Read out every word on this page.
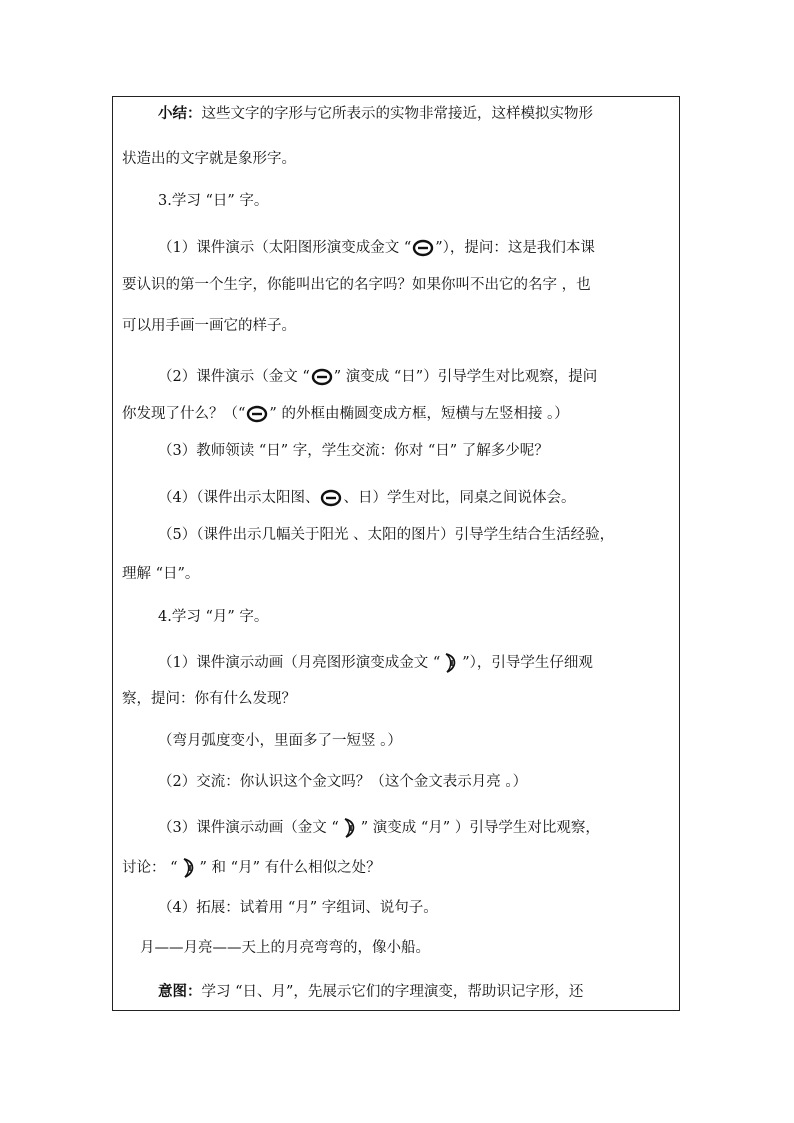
小结：这些文字的字形与它所表示的实物非常接近，这样模拟实物形
状造出的文字就是象形字。
3.学习 “日” 字。
（1）课件演示（太阳图形演变成金文 “ ”），提问：这是我们本课
要认识的第一个生字，你能叫出它的名字吗？如果你叫不出它的名字 ，也
可以用手画一画它的样子。
（2）课件演示（金文 “ ” 演变成 “日”）引导学生对比观察，提问
你发现了什么？（“ ” 的外框由椭圆变成方框，短横与左竖相接 。）
（3）教师领读 “日” 字，学生交流：你对 “日” 了解多少呢？
（4）（课件出示太阳图、 、日）学生对比，同桌之间说体会。
（5）（课件出示几幅关于阳光 、太阳的图片）引导学生结合生活经验，
理解 “日”。
4.学习 “月” 字。
（1）课件演示动画（月亮图形演变成金文 “ ”），引导学生仔细观
察，提问：你有什么发现？
（弯月弧度变小，里面多了一短竖 。）
（2）交流：你认识这个金文吗？（这个金文表示月亮 。）
（3）课件演示动画（金文 “ ” 演变成 “月” ）引导学生对比观察，
讨论： “ ” 和 “月” 有什么相似之处？
（4）拓展：试着用 “月” 字组词、说句子。
月——月亮——天上的月亮弯弯的，像小船。
意图：学习 “日、月”，先展示它们的字理演变，帮助识记字形，还
